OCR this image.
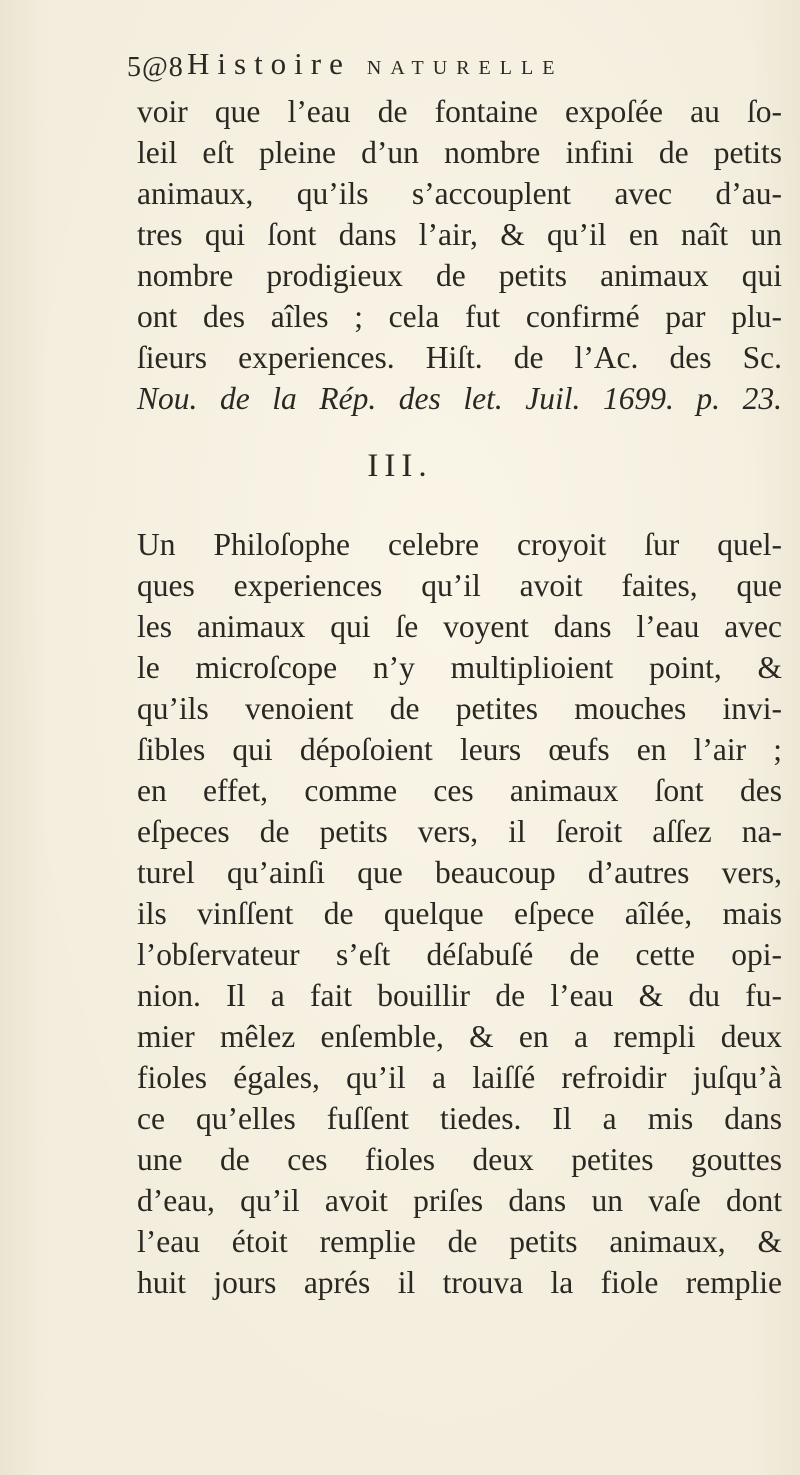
5@8 Histoire NATURELLE
voir que l’eau de fontaine expoſée au ſo-
leil eſt pleine d’un nombre infini de petits
animaux, qu’ils s’accouplent avec d’au-
tres qui ſont dans l’air, & qu’il en naît un
nombre prodigieux de petits animaux qui
ont des aîles ; cela fut confirmé par plu-
ſieurs experiences. Hiſt. de l’Ac. des Sc.
Nou. de la Rép. des let. Juil. 1699. p. 23.
III.
Un Philoſophe celebre croyoit ſur quel-
ques experiences qu’il avoit faites, que
les animaux qui ſe voyent dans l’eau avec
le microſcope n’y multiplioient point, &
qu’ils venoient de petites mouches invi-
ſibles qui dépoſoient leurs œufs en l’air ;
en effet, comme ces animaux ſont des
eſpeces de petits vers, il ſeroit aſſez na-
turel qu’ainſi que beaucoup d’autres vers,
ils vinſſent de quelque eſpece aîlée, mais
l’obſervateur s’eſt déſabuſé de cette opi-
nion. Il a fait bouillir de l’eau & du fu-
mier mêlez enſemble, & en a rempli deux
fioles égales, qu’il a laiſſé refroidir juſqu’à
ce qu’elles fuſſent tiedes. Il a mis dans
une de ces fioles deux petites gouttes
d’eau, qu’il avoit priſes dans un vaſe dont
l’eau étoit remplie de petits animaux, &
huit jours aprés il trouva la fiole remplie
